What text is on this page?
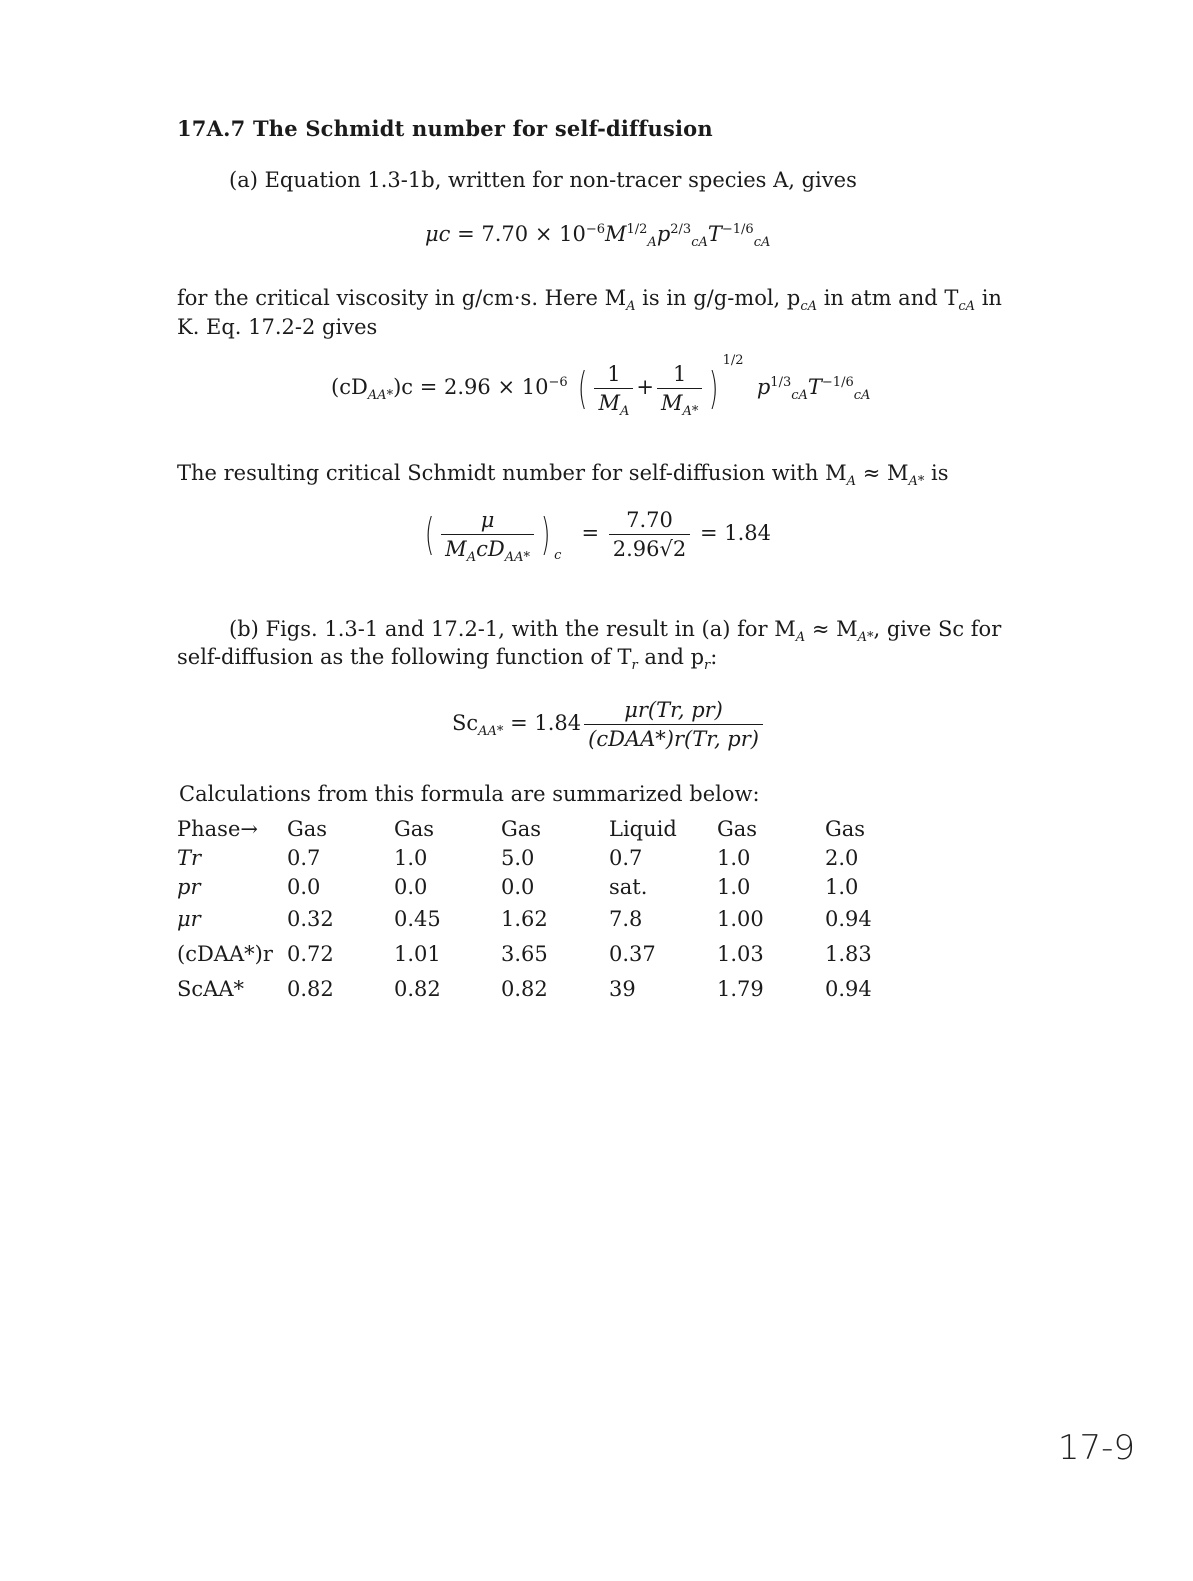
17A.7 The Schmidt number for self-diffusion
(a) Equation 1.3-1b, written for non-tracer species A, gives
$\mu c = 7.70 \times 10^{-6}M^{1/2}_Ap^{2/3}_{cA}T^{-1/6}_{cA}$
for the critical viscosity in g/cm·s. Here $M_A$ is in g/g-mol, $p_{cA}$ in atm and $T_{cA}$ in
K. Eq. 17.2-2 gives
$(cD_{AA*})c = 2.96 \times 10^{-6}$ ( $\frac{1}{M_A} + \frac{1}{M_{A*}} )^{1/2}$  $p^{1/3}_{cA}T^{-1/6}_{cA}$
The resulting critical Schmidt number for self-diffusion with $M_A \approx M_{A*}$ is
( $\frac{\mu}{M_AcD_{AA*}}$ ) $_c = \frac{7.70}{2.96√2} = 1.84$
(b) Figs. 1.3-1 and 17.2-1, with the result in (a) for $M_A \approx M_{A*}$, give Sc for
self-diffusion as the following function of $T_r$ and $p_r$:
$Sc_{AA*} = 1.84 \frac{\mu r(Tr, pr)}{\text{(cDAA*)r(Tr, pr)}}$
Calculations from this formula are summarized below:
Phase→	Gas	Gas	Gas	Liquid	Gas	Gas
Tr	0.7	1.0	5.0	0.7	1.0	2.0
pr	0.0	0.0	0.0	sat.	1.0	1.0
μr	0.32	0.45	1.62	7.8	1.00	0.94
(cDAA*)r	0.72	1.01	3.65	0.37	1.03	1.83
ScAA*	0.82	0.82	0.82	39	1.79	0.94
17-9
